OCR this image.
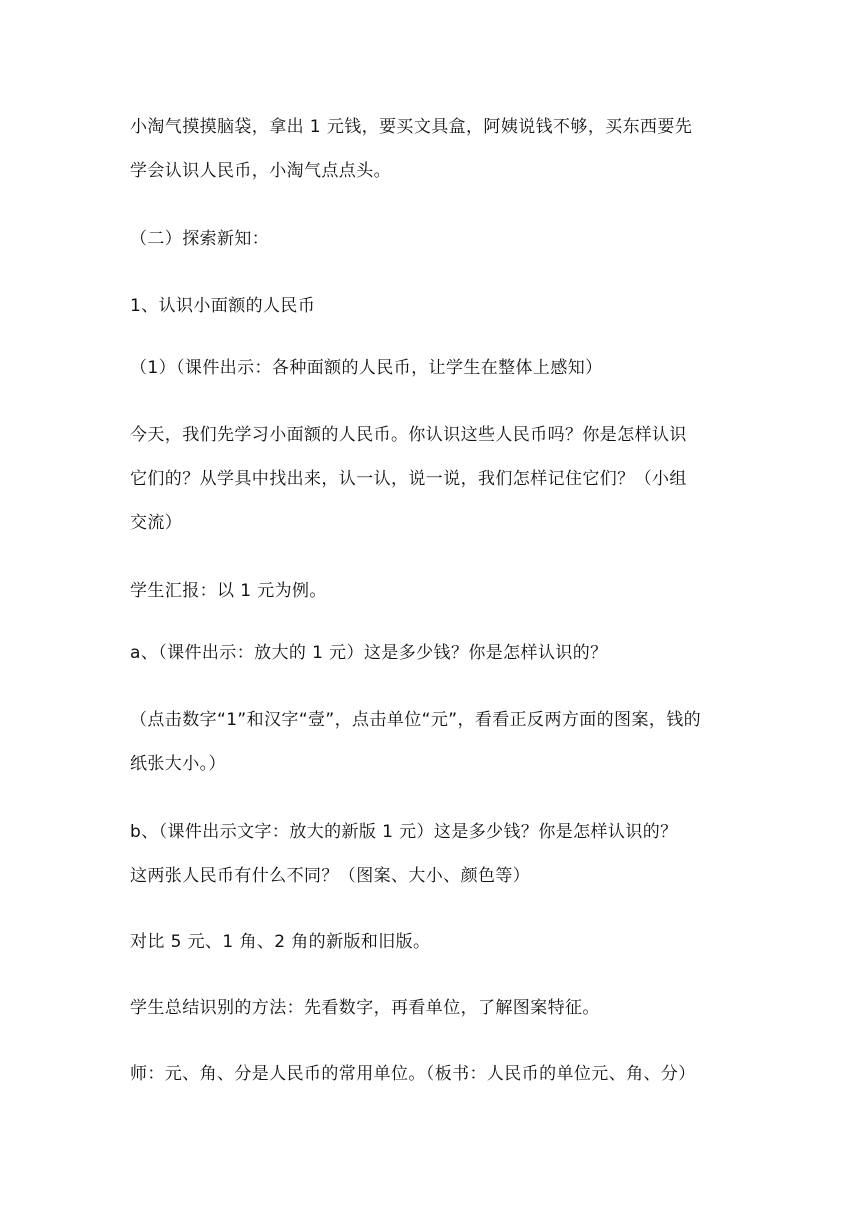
小淘气摸摸脑袋，拿出 1 元钱，要买文具盒，阿姨说钱不够，买东西要先
学会认识人民币，小淘气点点头。
（二）探索新知：
1、认识小面额的人民币
（1）（课件出示：各种面额的人民币，让学生在整体上感知）
今天，我们先学习小面额的人民币。你认识这些人民币吗？你是怎样认识
它们的？从学具中找出来，认一认，说一说，我们怎样记住它们？（小组
交流）
学生汇报：以 1 元为例。
a、（课件出示：放大的 1 元）这是多少钱？你是怎样认识的？
（点击数字“1”和汉字“壹”，点击单位“元”，看看正反两方面的图案，钱的
纸张大小。）
b、（课件出示文字：放大的新版 1 元）这是多少钱？你是怎样认识的？
这两张人民币有什么不同？（图案、大小、颜色等）
对比 5 元、1 角、2 角的新版和旧版。
学生总结识别的方法：先看数字，再看单位，了解图案特征。
师：元、角、分是人民币的常用单位。（板书：人民币的单位元、角、分）
